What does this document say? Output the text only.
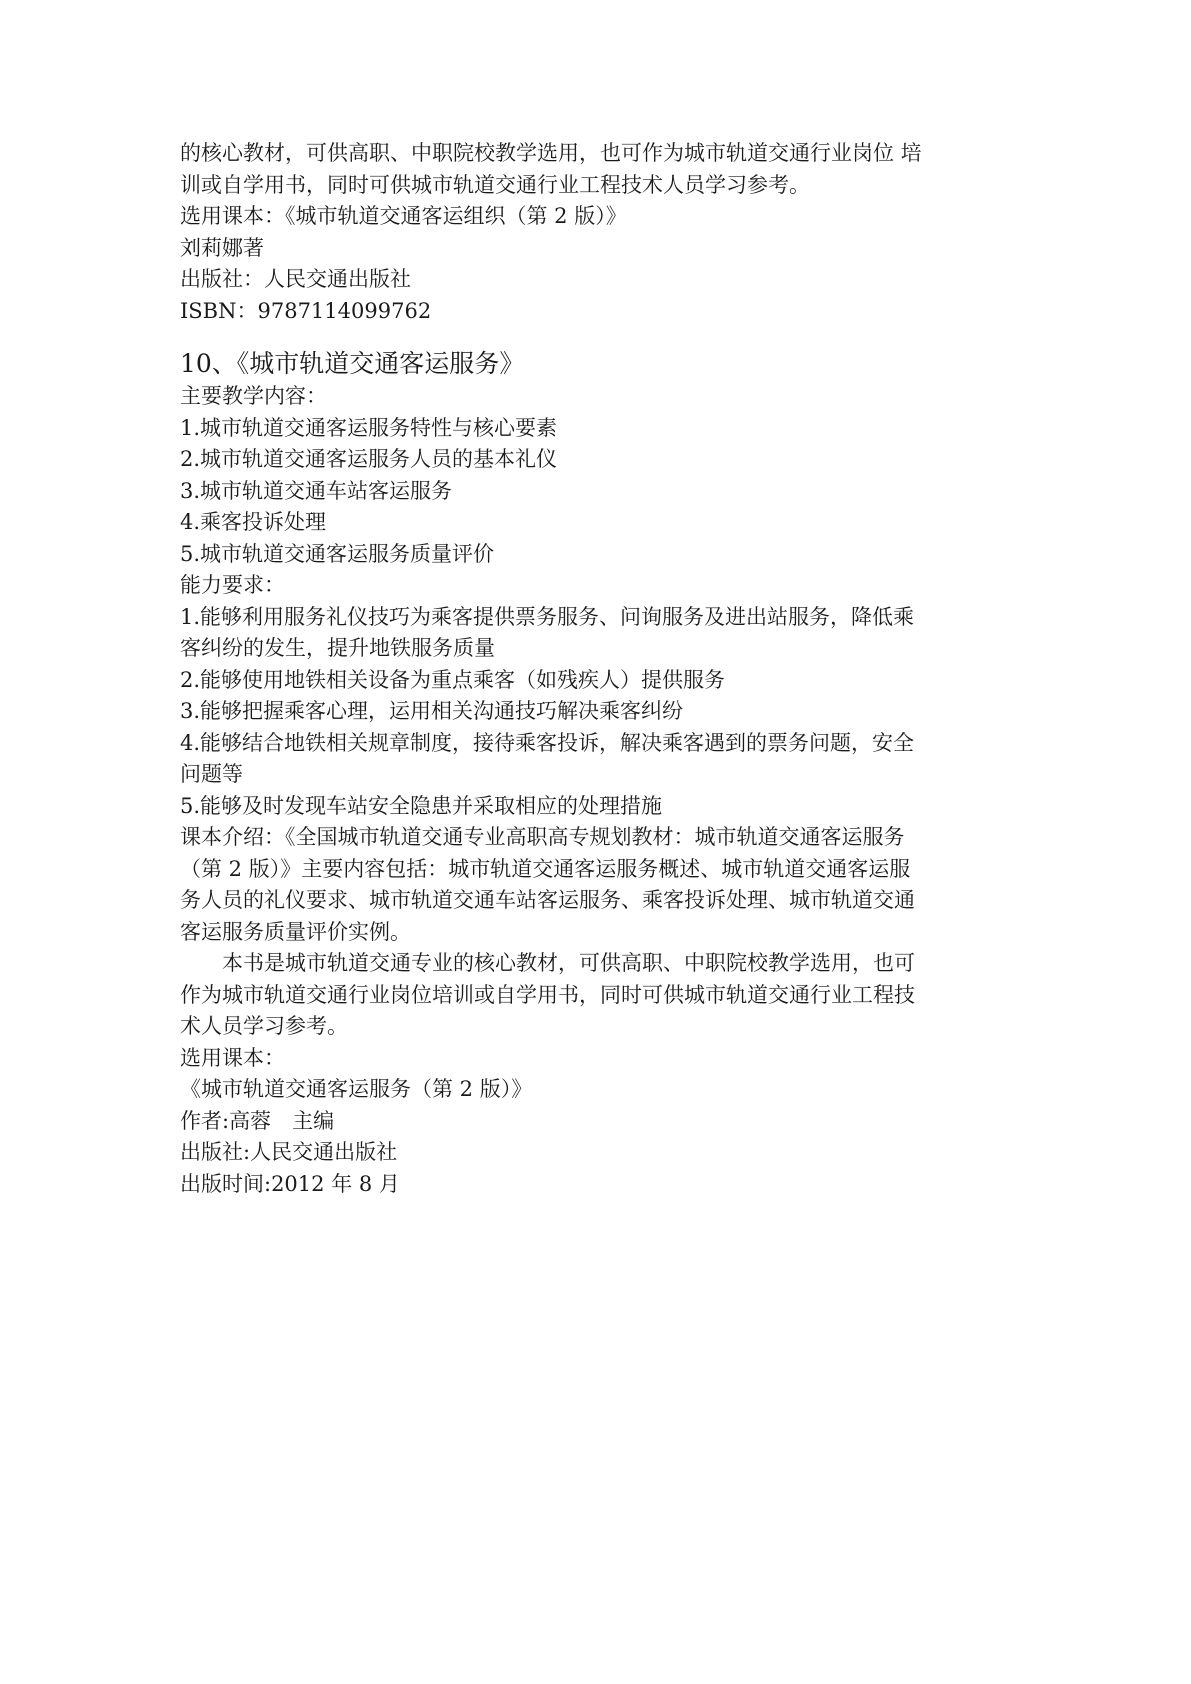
的核心教材，可供高职、中职院校教学选用，也可作为城市轨道交通行业岗位 培

训或自学用书，同时可供城市轨道交通行业工程技术人员学习参考。

选用课本：《城市轨道交通客运组织（第 2 版）》

刘莉娜著

出版社：人民交通出版社

ISBN：9787114099762

10、《城市轨道交通客运服务》

主要教学内容：

1.城市轨道交通客运服务特性与核心要素

2.城市轨道交通客运服务人员的基本礼仪

3.城市轨道交通车站客运服务

4.乘客投诉处理

5.城市轨道交通客运服务质量评价

能力要求：

1.能够利用服务礼仪技巧为乘客提供票务服务、问询服务及进出站服务，降低乘

客纠纷的发生，提升地铁服务质量

2.能够使用地铁相关设备为重点乘客（如残疾人）提供服务

3.能够把握乘客心理，运用相关沟通技巧解决乘客纠纷

4.能够结合地铁相关规章制度，接待乘客投诉，解决乘客遇到的票务问题，安全

问题等

5.能够及时发现车站安全隐患并采取相应的处理措施

课本介绍：《全国城市轨道交通专业高职高专规划教材：城市轨道交通客运服务

（第 2 版）》主要内容包括：城市轨道交通客运服务概述、城市轨道交通客运服

务人员的礼仪要求、城市轨道交通车站客运服务、乘客投诉处理、城市轨道交通

客运服务质量评价实例。

本书是城市轨道交通专业的核心教材，可供高职、中职院校教学选用，也可

作为城市轨道交通行业岗位培训或自学用书，同时可供城市轨道交通行业工程技

术人员学习参考。

选用课本：

《城市轨道交通客运服务（第 2 版）》

作者:高蓉　主编

出版社:人民交通出版社

出版时间:2012 年 8 月
